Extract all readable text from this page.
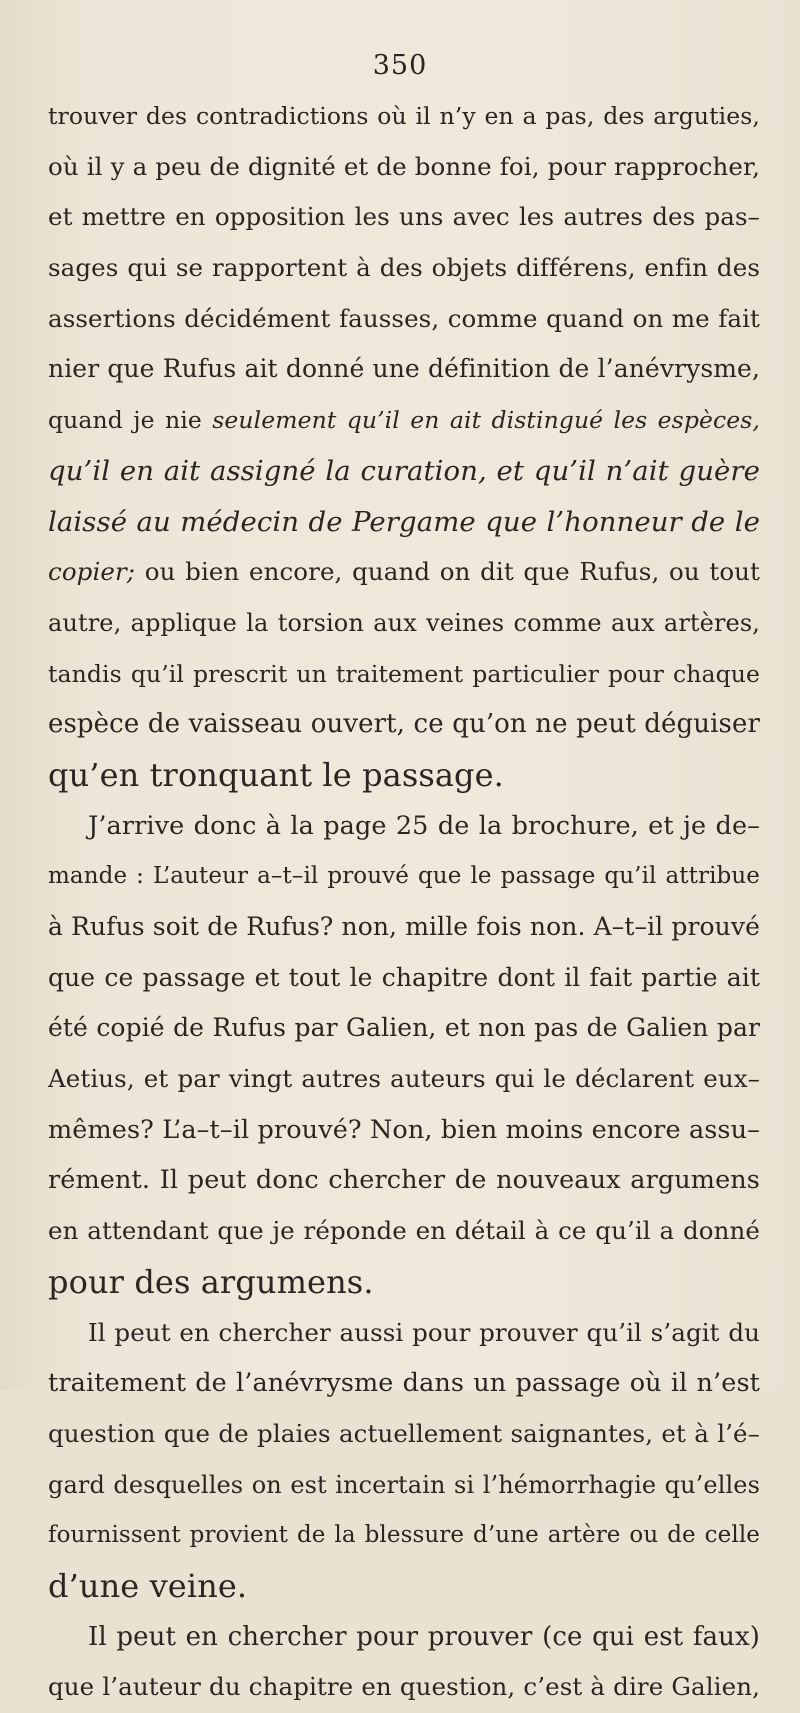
350
trouver des contradictions où il n’y en a pas, des arguties,
où il y a peu de dignité et de bonne foi, pour rapprocher,
et mettre en opposition les uns avec les autres des pas–
sages qui se rapportent à des objets différens, enfin des
assertions décidément fausses, comme quand on me fait
nier que Rufus ait donné une définition de l’anévrysme,
quand je nie seulement qu’il en ait distingué les espèces,
qu’il en ait assigné la curation, et qu’il n’ait guère
laissé au médecin de Pergame que l’honneur de le
copier; ou bien encore, quand on dit que Rufus, ou tout
autre, applique la torsion aux veines comme aux artères,
tandis qu’il prescrit un traitement particulier pour chaque
espèce de vaisseau ouvert, ce qu’on ne peut déguiser
qu’en tronquant le passage.
J’arrive donc à la page 25 de la brochure, et je de–
mande : L’auteur a–t–il prouvé que le passage qu’il attribue
à Rufus soit de Rufus? non, mille fois non. A–t–il prouvé
que ce passage et tout le chapitre dont il fait partie ait
été copié de Rufus par Galien, et non pas de Galien par
Aetius, et par vingt autres auteurs qui le déclarent eux–
mêmes? L’a–t–il prouvé? Non, bien moins encore assu–
rément. Il peut donc chercher de nouveaux argumens
en attendant que je réponde en détail à ce qu’il a donné
pour des argumens.
Il peut en chercher aussi pour prouver qu’il s’agit du
traitement de l’anévrysme dans un passage où il n’est
question que de plaies actuellement saignantes, et à l’é–
gard desquelles on est incertain si l’hémorrhagie qu’elles
fournissent provient de la blessure d’une artère ou de celle
d’une veine.
Il peut en chercher pour prouver (ce qui est faux)
que l’auteur du chapitre en question, c’est à dire Galien,
